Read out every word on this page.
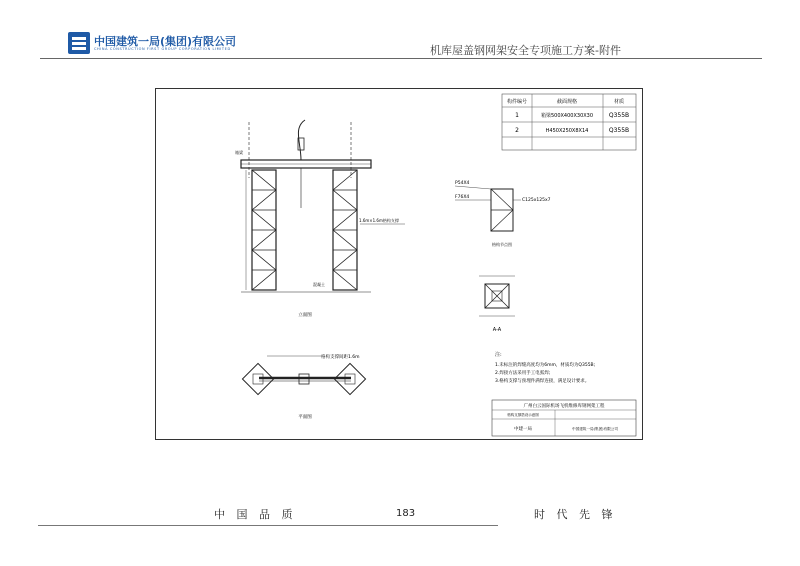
中国建筑一局(集团)有限公司
CHINA CONSTRUCTION FIRST GROUP CORPORATION LIMITED	机库屋盖钢网架安全专项施工方案-附件
构件编号	截面规格	材质
1	箱梁500X400X30X30	Q355B
2	H450X250X8X14	Q355B
1.6m×1.6m格构支撑
箱梁
混凝土
立面图
P54X4
F76X4
C125x125x7
格构节点图
A-A
格构支撑间距1.6m
平面图
注:
1.未标注的焊缝高度均为6mm，材质均为Q355B;
2.焊接方法采用手工电弧焊;
3.格构支撑与预埋件满焊连接，满足设计要求。
广州白云国际机场飞机维修库钢网架工程
格构支撑搭设示意图
中建一局	中国建筑一局(集团)有限公司
中 国 品 质	183	时 代 先 锋
